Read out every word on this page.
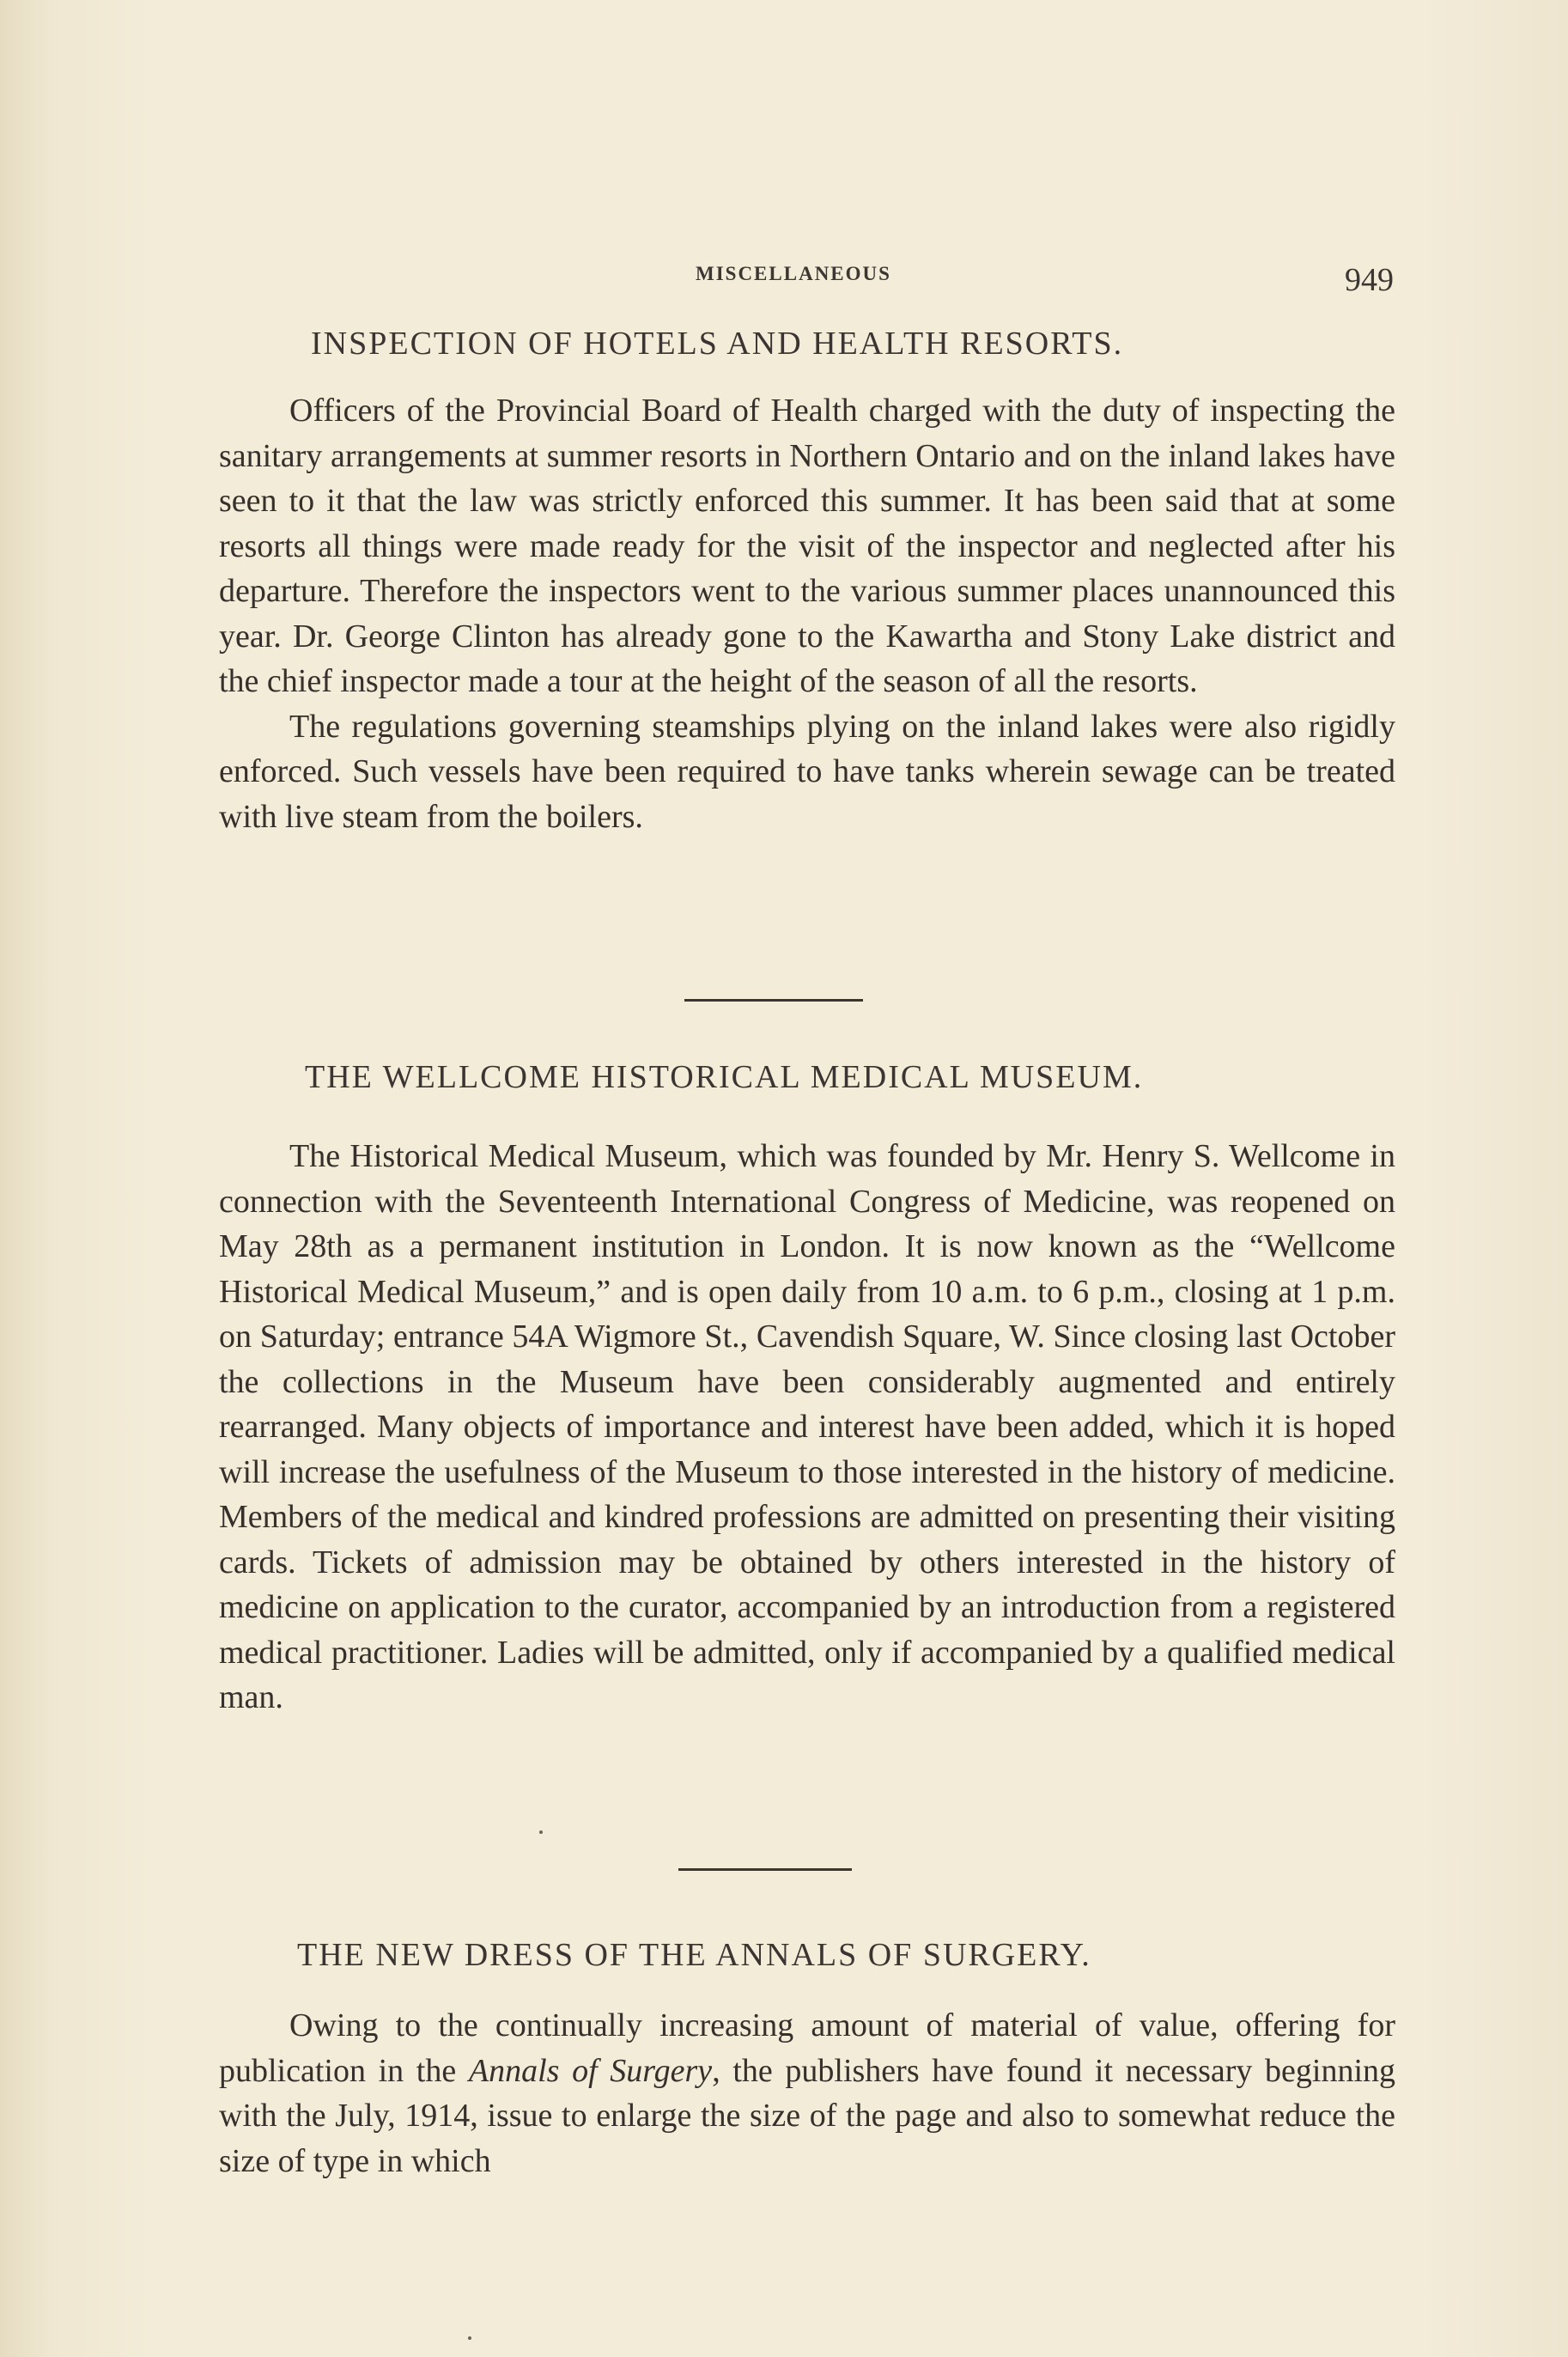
MISCELLANEOUS	949
INSPECTION OF HOTELS AND HEALTH RESORTS.

Officers of the Provincial Board of Health charged with the duty of inspecting the sanitary arrangements at summer resorts in Northern Ontario and on the inland lakes have seen to it that the law was strictly enforced this summer. It has been said that at some resorts all things were made ready for the visit of the inspector and neglected after his departure. Therefore the inspectors went to the various summer places unannounced this year. Dr. George Clinton has already gone to the Kawartha and Stony Lake district and the chief inspector made a tour at the height of the season of all the resorts.

The regulations governing steamships plying on the inland lakes were also rigidly enforced. Such vessels have been required to have tanks wherein sewage can be treated with live steam from the boilers.

THE WELLCOME HISTORICAL MEDICAL MUSEUM.

The Historical Medical Museum, which was founded by Mr. Henry S. Wellcome in connection with the Seventeenth International Congress of Medicine, was reopened on May 28th as a permanent institution in London. It is now known as the “Wellcome Historical Medical Museum,” and is open daily from 10 a.m. to 6 p.m., closing at 1 p.m. on Saturday; entrance 54A Wigmore St., Cavendish Square, W. Since closing last October the collections in the Museum have been considerably augmented and entirely rearranged. Many objects of importance and interest have been added, which it is hoped will increase the usefulness of the Museum to those interested in the history of medicine. Members of the medical and kindred professions are admitted on presenting their visiting cards. Tickets of admission may be obtained by others interested in the history of medicine on application to the curator, accompanied by an introduction from a registered medical practitioner. Ladies will be admitted, only if accompanied by a qualified medical man.

THE NEW DRESS OF THE ANNALS OF SURGERY.

Owing to the continually increasing amount of material of value, offering for publication in the Annals of Surgery, the publishers have found it necessary beginning with the July, 1914, issue to enlarge the size of the page and also to somewhat reduce the size of type in which
